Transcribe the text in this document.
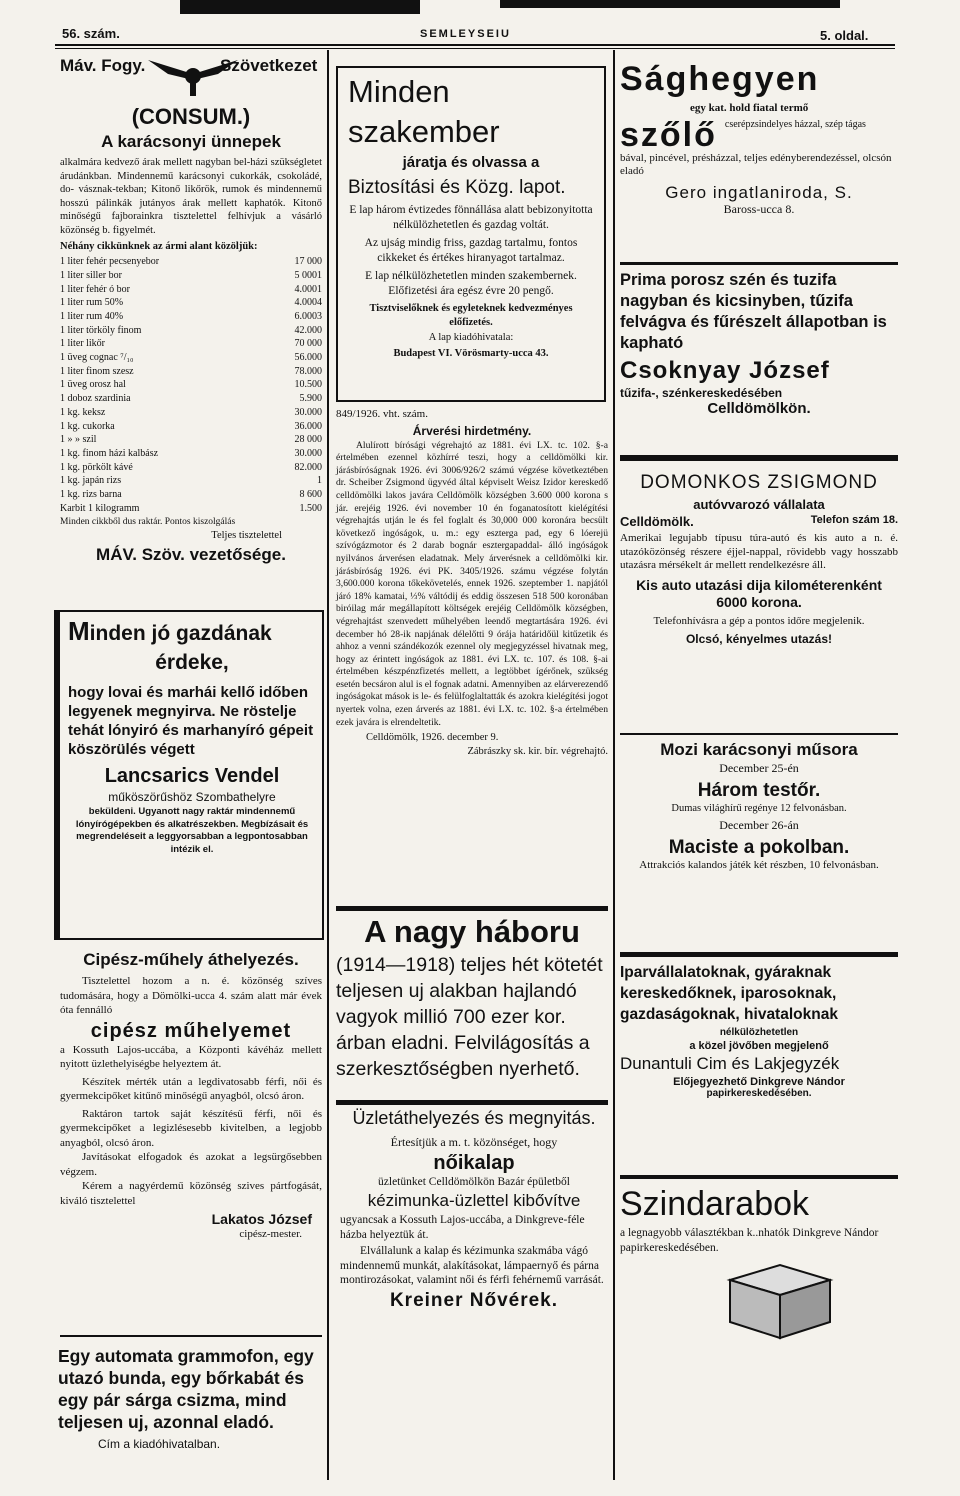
56. szám.	SEMLEYSEIU	5. oldal.
Máv. Fogy.	Szövetkezet
(CONSUM.)
A karácsonyi ünnepek
alkalmára kedvező árak mellett nagyban bel-házi szükségletet árudánkban. Mindennemű karácsonyi cukorkák, csokoládé, do- vásznak-tekban; Kitonő likőrök, rumok és mindennemű hosszú pálinkák jutányos árak mellett kaphatók. Kitonő minőségű fajborainkra tisztelettel felhívjuk a vásárló közönség b. figyelmét.
Néhány cikkünknek az ármi alant közöljük:
1 liter fehér pecsenyebor	17 000
1 liter siller bor	5 0001
1 liter fehér ó bor	4.0001
1 liter rum 50%	4.0004
1 liter rum 40%	6.0003
1 liter törköly finom	42.000
1 liter likőr	70 000
1 üveg cognac ⁷/₁₀	56.000
1 liter finom szesz	78.000
1 üveg orosz hal	10.500
1 doboz szardinia	5.900
1 kg. keksz	30.000
1 kg. cukorka	36.000
1 » » szil	28 000
1 kg. finom házi kalbász	30.000
1 kg. pörkölt kávé	82.000
1 kg. japán rizs	1
1 kg. rizs barna	8 600
Karbit 1 kilogramm	1.500
Minden cikkből dus raktár. Pontos kiszolgálás
Teljes tisztelettel
MÁV. Szöv. vezetősége.
Minden jó gazdának
érdeke,
hogy lovai és marhái kellő időben legyenek megnyirva. Ne röstelje tehát lónyiró és marhanyíró gépeit köszörülés végett
Lancsarics Vendel
műköszörűshöz Szombathelyre
beküldeni. Ugyanott nagy raktár mindennemű lónyírógépekben és alkatrészekben. Megbízásait és megrendeléseit a leggyorsabban a legpontosabban intézik el.
Cipész-műhely áthelyezés.
Tisztelettel hozom a n. é. közönség szíves tudomására, hogy a Dömölki-ucca 4. szám alatt már évek óta fennálló
cipész műhelyemet
a Kossuth Lajos-uccába, a Központi kávéház mellett nyitott üzlethelyiségbe helyeztem át.
Készítek mérték után a legdivatosabb férfi, női és gyermekcipőket kitűnő minőségű anyagból, olcsó áron.
Raktáron tartok saját készítésű férfi, női és gyermekcipőket a legizlésesebb kivitelben, a legjobb anyagból, olcsó áron.
Javításokat elfogadok és azokat a legsürgősebben végzem.
Kérem a nagyérdemű közönség szives pártfogását, kiváló tisztelettel
Lakatos József
cipész-mester.
Egy automata grammofon, egy utazó bunda, egy bőrkabát és egy pár sárga csizma, mind teljesen uj, azonnal eladó.
Cím a kiadóhivatalban.
Minden szakember
járatja és olvassa a
Biztosítási és Közg. lapot.
E lap három évtizedes fönnállása alatt bebizonyitotta nélkülözhetetlen és gazdag voltát.
Az ujság mindig friss, gazdag tartalmu, fontos cikkeket és értékes hiranyagot tartalmaz.
E lap nélkülözhetetlen minden szakembernek. Előfizetési ára egész évre 20 pengő.
Tisztviselőknek és egyleteknek kedvezményes előfizetés.
A lap kiadóhivatala:
Budapest VI. Vörösmarty-ucca 43.
849/1926. vht. szám.
Árverési hirdetmény.
Alulírott bírósági végrehajtó az 1881. évi LX. tc. 102. §-a értelmében ezennel közhírré teszi, hogy a celldömölki kir. járásbíróságnak 1926. évi 3006/926/2 számú végzése következtében dr. Scheiber Zsigmond ügyvéd által képviselt Weisz Izidor kereskedő celldömölki lakos javára Celldömölk községben 3.600 000 korona s jár. erejéig 1926. évi november 10 én foganatosított kielégítési végrehajtás utján le és fel foglalt és 30,000 000 koronára becsült következő ingóságok, u. m.: egy eszterga pad, egy 6 lóerejü szívógázmotor és 2 darab bognár esztergapaddal- álló ingóságok nyilvános árverésen eladatnak. Mely árverésnek a celldömölki kir. járásbíróság 1926. évi PK. 3405/1926. számu végzése folytán 3,600.000 korona tőkekövetelés, ennek 1926. szeptember 1. napjától járó 18% kamatai, ⅓% váltódij és eddig összesen 518 500 koronában biróilag már megállapított költségek erejéig Celldömölk községben, végrehajtást szenvedett műhelyében leendő megtartására 1926. évi december hó 28-ik napjának délelőtti 9 órája határidőül kitűzetik és ahhoz a venni szándékozók ezennel oly megjegyzéssel hivatnak meg, hogy az érintett ingóságok az 1881. évi LX. tc. 107. és 108. §-ai értelmében készpénzfizetés mellett, a legtöbbet ígérőnek, szükség esetén becsáron alul is el fognak adatni. Amennyiben az elárverezendő ingóságokat mások is le- és felülfoglaltatták és azokra kielégítési jogot nyertek volna, ezen árverés az 1881. évi LX. tc. 102. §-a értelmében ezek javára is elrendeltetik.
Celldömölk, 1926. december 9.
Zábrászky sk. kir. bír. végrehajtó.
A nagy háboru
(1914—1918) teljes hét kötetét teljesen uj alakban hajlandó vagyok millió 700 ezer kor. árban eladni. Felvilágosítás a szerkesztőségben nyerhető.
Üzletáthelyezés és megnyitás.
Értesítjük a m. t. közönséget, hogy
nőikalap
üzletünket Celldömölkön Bazár épületből
kézimunka-üzlettel kibővítve
ugyancsak a Kossuth Lajos-uccába, a Dinkgreve-féle házba helyeztük át.
Elvállalunk a kalap és kézimunka szakmába vágó mindennemű munkát, alakításokat, lámpaernyő és párna montirozásokat, valamint női és férfi fehérnemű varrását.
Kreiner Nővérek.
Sághegyen
egy kat. hold fiatal termő
szőlő cserépzsindelyes házzal, szép tágas
bával, pincével, présházzal, teljes edényberendezéssel, olcsón eladó
Gero ingatlaniroda, S.
Baross-ucca 8.
Prima porosz szén és tuzifa
nagyban és kicsinyben, tűzifa
felvágva és fűrészelt állapotban is kapható
Csoknyay József
tűzifa-, szénkereskedésében
Celldömölkön.
DOMONKOS ZSIGMOND
autóvvarozó vállalata
Celldömölk.	Telefon szám 18.
Amerikai legujabb típusu túra-autó és kis auto a n. é. utazóközönség részere éjjel-nappal, rövidebb vagy hosszabb utazásra mérsékelt ár mellett rendelkezésre áll.
Kis auto utazási dija kilométerenként 6000 korona.
Telefonhívásra a gép a pontos időre megjelenik.
Olcsó, kényelmes utazás!
Mozi karácsonyi műsora
December 25-én
Három testőr.
Dumas világhírű regénye 12 felvonásban.
December 26-án
Maciste a pokolban.
Attrakciós kalandos játék két részben, 10 felvonásban.
Iparvállalatoknak, gyáraknak
kereskedőknek, iparosoknak,
gazdaságoknak, hivataloknak
nélkülözhetetlen
a közel jövőben megjelenő
Dunantuli Cim és Lakjegyzék
Előjegyezhető Dinkgreve Nándor
papirkereskedésében.
Szindarabok
a legnagyobb választékban k..nhatók Dinkgreve Nándor papirkereskedésében.
